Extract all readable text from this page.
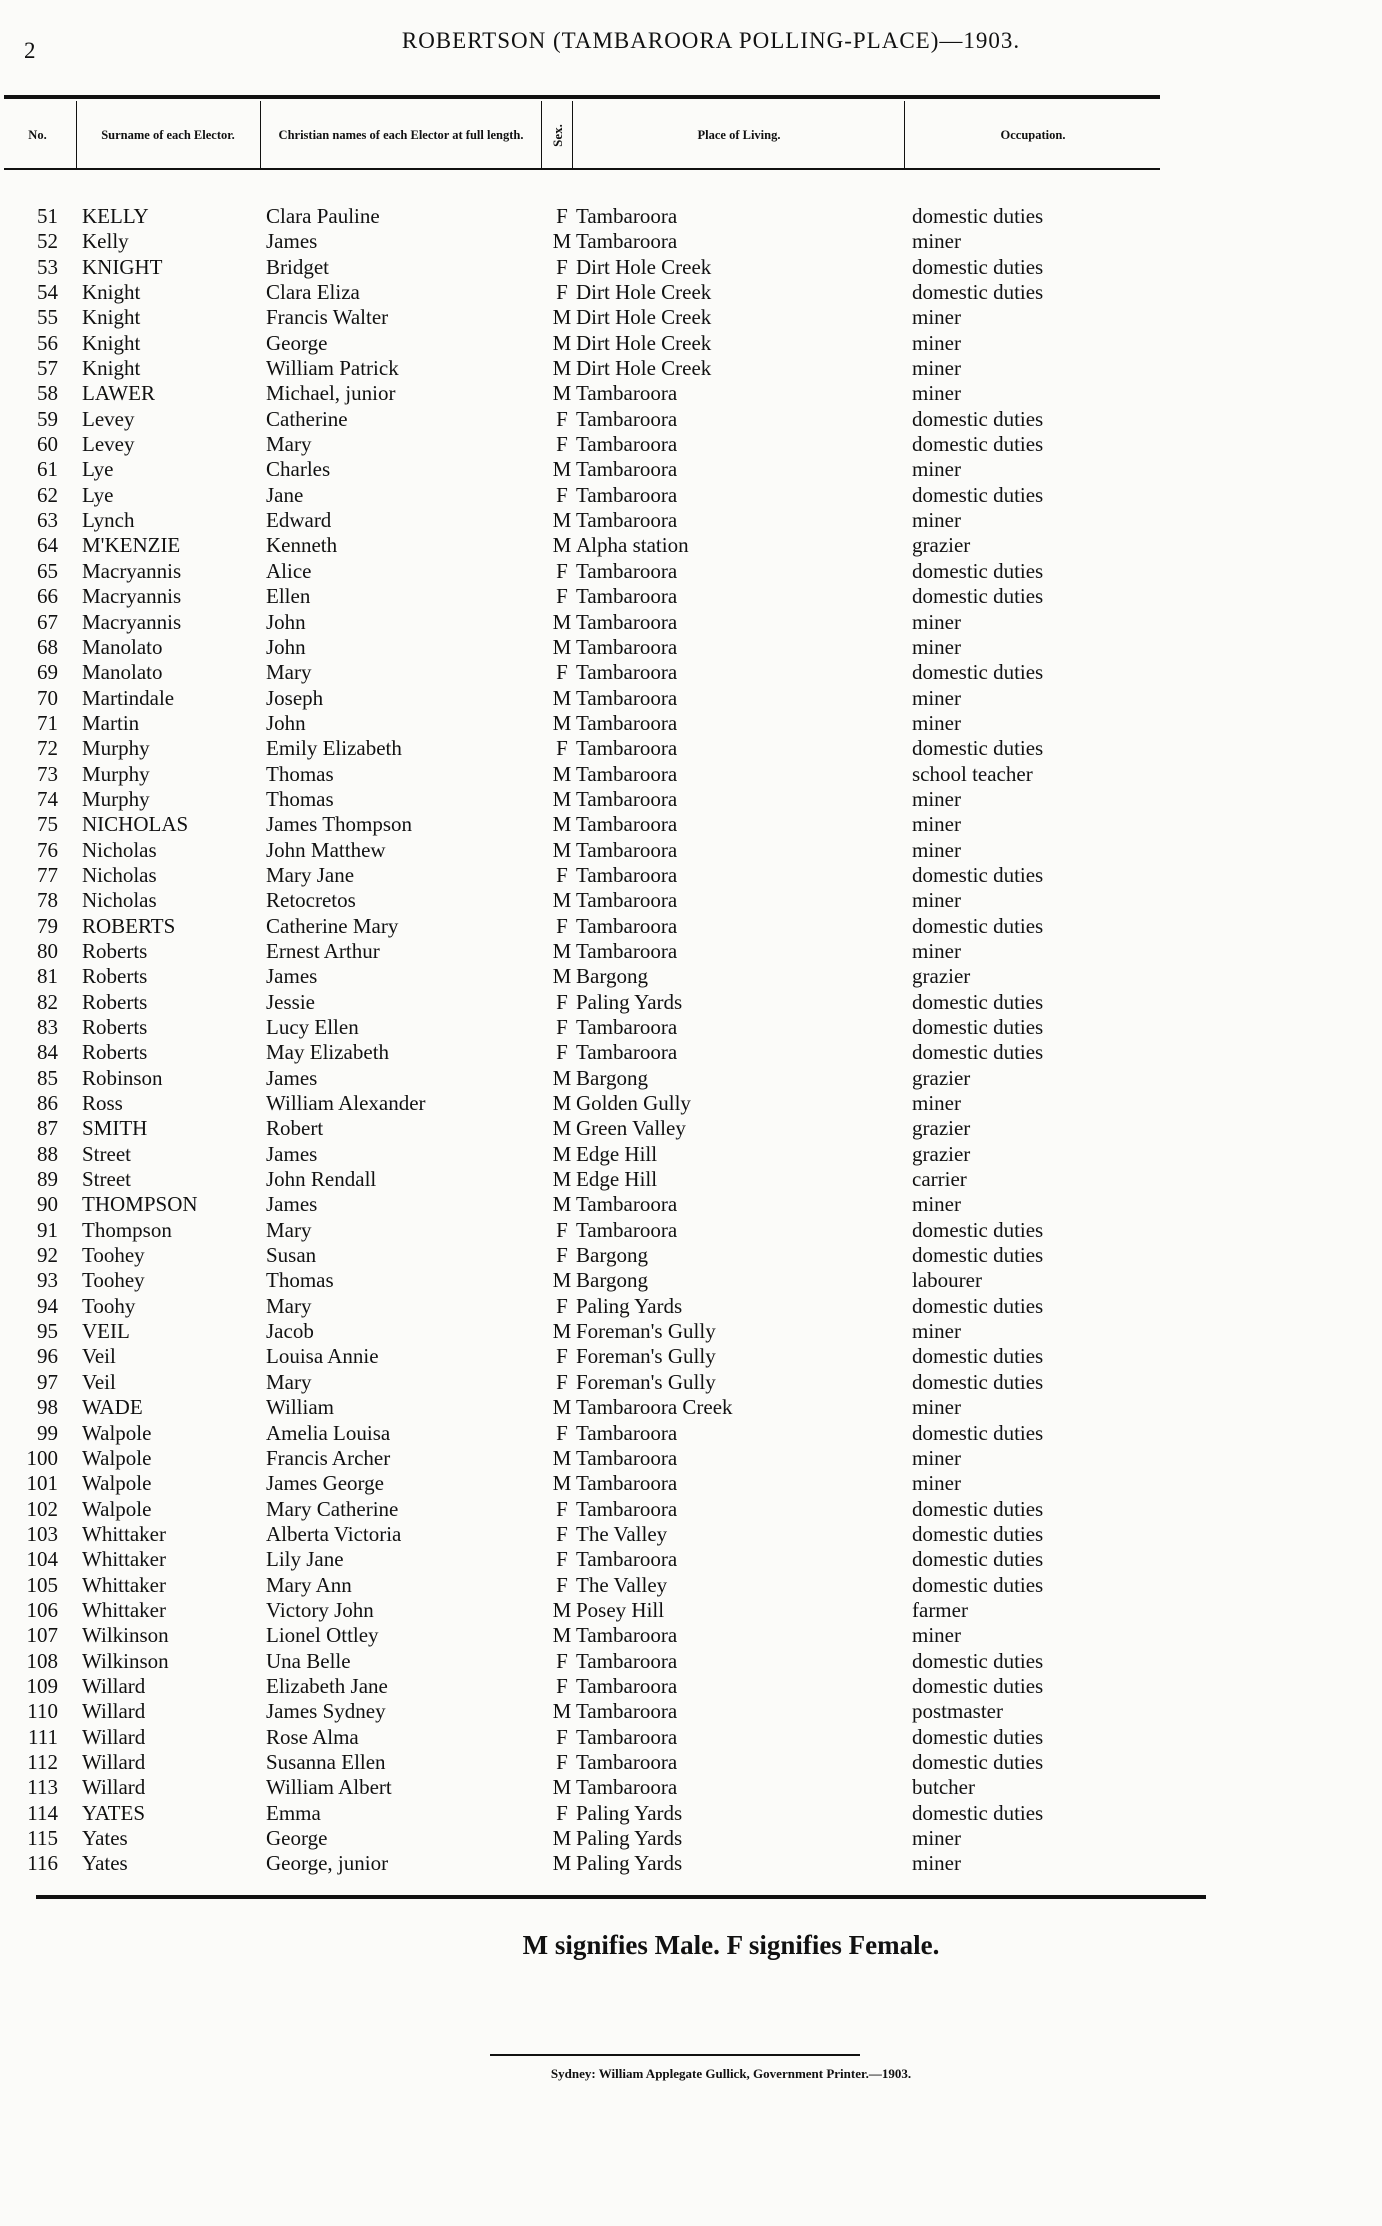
2	ROBERTSON (TAMBAROORA POLLING-PLACE)—1903.
No.	Surname of each Elector.	Christian names of each Elector at full length.	Sex.	Place of Living.	Occupation.
51 KELLY	Clara Pauline	F Tambaroora	domestic duties
52 Kelly	James	M Tambaroora	miner
53 KNIGHT	Bridget	F Dirt Hole Creek	domestic duties
54 Knight	Clara Eliza	F Dirt Hole Creek	domestic duties
55 Knight	Francis Walter	M Dirt Hole Creek	miner
56 Knight	George	M Dirt Hole Creek	miner
57 Knight	William Patrick	M Dirt Hole Creek	miner
58 LAWER	Michael, junior	M Tambaroora	miner
59 Levey	Catherine	F Tambaroora	domestic duties
60 Levey	Mary	F Tambaroora	domestic duties
61 Lye	Charles	M Tambaroora	miner
62 Lye	Jane	F Tambaroora	domestic duties
63 Lynch	Edward	M Tambaroora	miner
64 M'KENZIE	Kenneth	M Alpha station	grazier
65 Macryannis	Alice	F Tambaroora	domestic duties
66 Macryannis	Ellen	F Tambaroora	domestic duties
67 Macryannis	John	M Tambaroora	miner
68 Manolato	John	M Tambaroora	miner
69 Manolato	Mary	F Tambaroora	domestic duties
70 Martindale	Joseph	M Tambaroora	miner
71 Martin	John	M Tambaroora	miner
72 Murphy	Emily Elizabeth	F Tambaroora	domestic duties
73 Murphy	Thomas	M Tambaroora	school teacher
74 Murphy	Thomas	M Tambaroora	miner
75 NICHOLAS	James Thompson	M Tambaroora	miner
76 Nicholas	John Matthew	M Tambaroora	miner
77 Nicholas	Mary Jane	F Tambaroora	domestic duties
78 Nicholas	Retocretos	M Tambaroora	miner
79 ROBERTS	Catherine Mary	F Tambaroora	domestic duties
80 Roberts	Ernest Arthur	M Tambaroora	miner
81 Roberts	James	M Bargong	grazier
82 Roberts	Jessie	F Paling Yards	domestic duties
83 Roberts	Lucy Ellen	F Tambaroora	domestic duties
84 Roberts	May Elizabeth	F Tambaroora	domestic duties
85 Robinson	James	M Bargong	grazier
86 Ross	William Alexander	M Golden Gully	miner
87 SMITH	Robert	M Green Valley	grazier
88 Street	James	M Edge Hill	grazier
89 Street	John Rendall	M Edge Hill	carrier
90 THOMPSON	James	M Tambaroora	miner
91 Thompson	Mary	F Tambaroora	domestic duties
92 Toohey	Susan	F Bargong	domestic duties
93 Toohey	Thomas	M Bargong	labourer
94 Toohy	Mary	F Paling Yards	domestic duties
95 VEIL	Jacob	M Foreman's Gully	miner
96 Veil	Louisa Annie	F Foreman's Gully	domestic duties
97 Veil	Mary	F Foreman's Gully	domestic duties
98 WADE	William	M Tambaroora Creek	miner
99 Walpole	Amelia Louisa	F Tambaroora	domestic duties
100 Walpole	Francis Archer	M Tambaroora	miner
101 Walpole	James George	M Tambaroora	miner
102 Walpole	Mary Catherine	F Tambaroora	domestic duties
103 Whittaker	Alberta Victoria	F The Valley	domestic duties
104 Whittaker	Lily Jane	F Tambaroora	domestic duties
105 Whittaker	Mary Ann	F The Valley	domestic duties
106 Whittaker	Victory John	M Posey Hill	farmer
107 Wilkinson	Lionel Ottley	M Tambaroora	miner
108 Wilkinson	Una Belle	F Tambaroora	domestic duties
109 Willard	Elizabeth Jane	F Tambaroora	domestic duties
110 Willard	James Sydney	M Tambaroora	postmaster
111 Willard	Rose Alma	F Tambaroora	domestic duties
112 Willard	Susanna Ellen	F Tambaroora	domestic duties
113 Willard	William Albert	M Tambaroora	butcher
114 YATES	Emma	F Paling Yards	domestic duties
115 Yates	George	M Paling Yards	miner
116 Yates	George, junior	M Paling Yards	miner
M signifies Male. F signifies Female.
Sydney: William Applegate Gullick, Government Printer.—1903.
